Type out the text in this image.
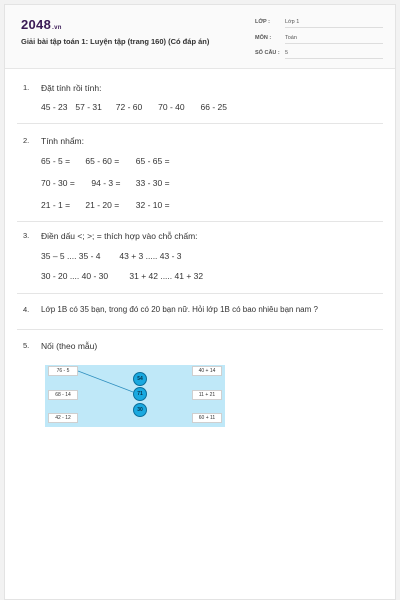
2048.vn
Giải bài tập toán 1: Luyện tập (trang 160) (Có đáp án)
LỚP :	Lớp 1
MÔN :	Toán
SỐ CÂU : 5
1. Đặt tính rồi tính:
45 - 23 57 - 31 72 - 60 70 - 40 66 - 25
2. Tính nhẩm:
65 - 5 = 65 - 60 = 65 - 65 =
70 - 30 = 94 - 3 = 33 - 30 =
21 - 1 = 21 - 20 = 32 - 10 =
3. Điền dấu <; >; = thích hợp vào chỗ chấm:
35 – 5 .... 35 - 4 43 + 3 ..... 43 - 3
30 - 20 .... 40 - 30	31 + 42 ..... 41 + 32
4. Lớp 1B có 35 bạn, trong đó có 20 bạn nữ. Hỏi lớp 1B có bao nhiêu bạn nam ?
5. Nối (theo mẫu)
76 - 5
68 - 14
42 - 12
54
71
30
40 + 14
11 + 21
60 + 11
